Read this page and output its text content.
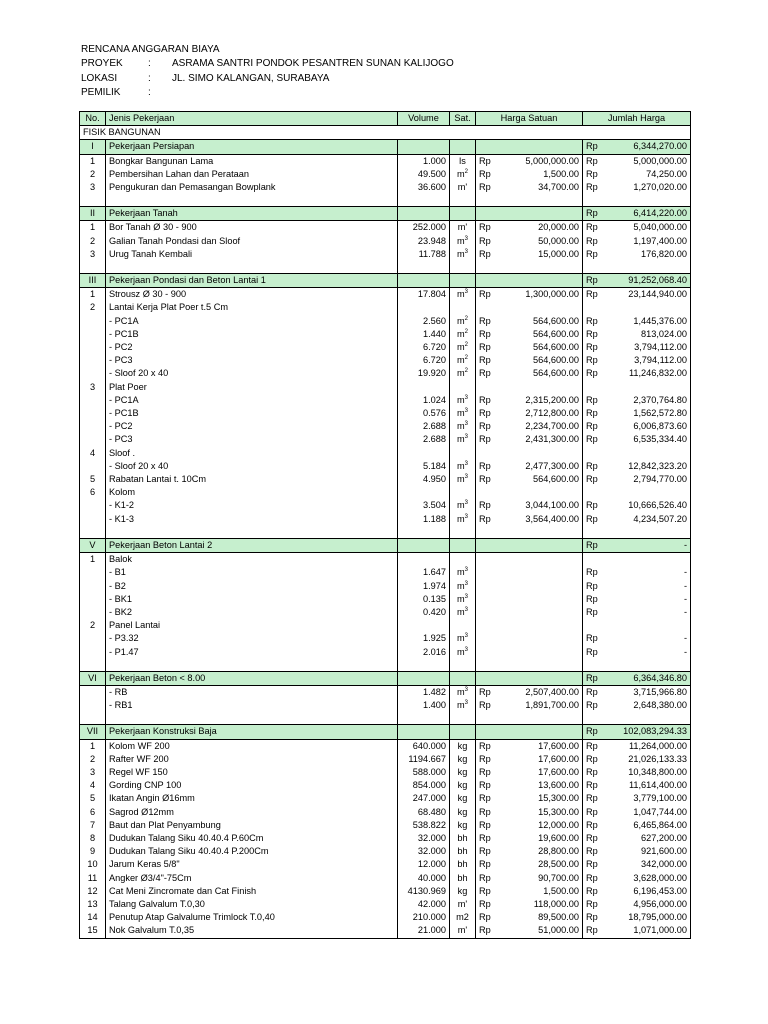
RENCANA ANGGARAN BIAYA
PROYEK	:	ASRAMA SANTRI PONDOK PESANTREN SUNAN KALIJOGO
LOKASI	:	JL. SIMO KALANGAN, SURABAYA
PEMILIK	:
No.	Jenis Pekerjaan	Volume	Sat.	Harga Satuan		Jumlah Harga	
FISIK BANGUNAN							
I	Pekerjaan Persiapan					Rp	6,344,270.00
1	Bongkar Bangunan Lama	1.000	ls	Rp	5,000,000.00	Rp	5,000,000.00
2	Pembersihan Lahan dan Perataan	49.500	$m^2$	Rp	1,500.00	Rp	74,250.00
3	Pengukuran dan Pemasangan Bowplank	36.600	m'	Rp	34,700.00	Rp	1,270,020.00

II	Pekerjaan Tanah					Rp	6,414,220.00
1	Bor Tanah Ø 30 - 900	252.000	m'	Rp	20,000.00	Rp	5,040,000.00
2	Galian Tanah Pondasi dan Sloof	23.948	$m^3$	Rp	50,000.00	Rp	1,197,400.00
3	Urug Tanah Kembali	11.788	$m^3$	Rp	15,000.00	Rp	176,820.00

III	Pekerjaan Pondasi dan Beton Lantai 1					Rp	91,252,068.40
1	Strousz Ø 30 - 900	17.804	$m^3$	Rp	1,300,000.00	Rp	23,144,940.00
2	Lantai Kerja Plat Poer t.5 Cm						
	- PC1A	2.560	$m^2$	Rp	564,600.00	Rp	1,445,376.00
	- PC1B	1.440	$m^2$	Rp	564,600.00	Rp	813,024.00
	- PC2	6.720	$m^2$	Rp	564,600.00	Rp	3,794,112.00
	- PC3	6.720	$m^2$	Rp	564,600.00	Rp	3,794,112.00
	- Sloof 20 x 40	19.920	$m^2$	Rp	564,600.00	Rp	11,246,832.00
3	Plat Poer						
	- PC1A	1.024	$m^3$	Rp	2,315,200.00	Rp	2,370,764.80
	- PC1B	0.576	$m^3$	Rp	2,712,800.00	Rp	1,562,572.80
	- PC2	2.688	$m^3$	Rp	2,234,700.00	Rp	6,006,873.60
	- PC3	2.688	$m^3$	Rp	2,431,300.00	Rp	6,535,334.40
4	Sloof .						
	- Sloof 20 x 40	5.184	$m^3$	Rp	2,477,300.00	Rp	12,842,323.20
5	Rabatan Lantai t. 10Cm	4.950	$m^3$	Rp	564,600.00	Rp	2,794,770.00
6	Kolom						
	- K1-2	3.504	$m^3$	Rp	3,044,100.00	Rp	10,666,526.40
	- K1-3	1.188	$m^3$	Rp	3,564,400.00	Rp	4,234,507.20

V	Pekerjaan Beton Lantai 2					Rp	-
1	Balok						
	- B1	1.647	$m^3$			Rp	-
	- B2	1.974	$m^3$			Rp	-
	- BK1	0.135	$m^3$			Rp	-
	- BK2	0.420	$m^3$			Rp	-
2	Panel Lantai						
	- P3.32	1.925	$m^3$			Rp	-
	- P1.47	2.016	$m^3$			Rp	-

VI	Pekerjaan Beton < 8.00					Rp	6,364,346.80
	- RB	1.482	$m^3$	Rp	2,507,400.00	Rp	3,715,966.80
	- RB1	1.400	$m^3$	Rp	1,891,700.00	Rp	2,648,380.00

VII	Pekerjaan Konstruksi Baja					Rp	102,083,294.33
1	Kolom WF 200	640.000	kg	Rp	17,600.00	Rp	11,264,000.00
2	Rafter WF 200	1194.667	kg	Rp	17,600.00	Rp	21,026,133.33
3	Regel WF 150	588.000	kg	Rp	17,600.00	Rp	10,348,800.00
4	Gording CNP 100	854.000	kg	Rp	13,600.00	Rp	11,614,400.00
5	Ikatan Angin Ø16mm	247.000	kg	Rp	15,300.00	Rp	3,779,100.00
6	Sagrod Ø12mm	68.480	kg	Rp	15,300.00	Rp	1,047,744.00
7	Baut dan Plat Penyambung	538.822	kg	Rp	12,000.00	Rp	6,465,864.00
8	Dudukan Talang Siku 40.40.4 P.60Cm	32.000	bh	Rp	19,600.00	Rp	627,200.00
9	Dudukan Talang Siku 40.40.4 P.200Cm	32.000	bh	Rp	28,800.00	Rp	921,600.00
10	Jarum Keras 5/8"	12.000	bh	Rp	28,500.00	Rp	342,000.00
11	Angker Ø3/4"-75Cm	40.000	bh	Rp	90,700.00	Rp	3,628,000.00
12	Cat Meni Zincromate dan Cat Finish	4130.969	kg	Rp	1,500.00	Rp	6,196,453.00
13	Talang Galvalum T.0,30	42.000	m'	Rp	118,000.00	Rp	4,956,000.00
14	Penutup Atap Galvalume Trimlock T.0,40	210.000	m2	Rp	89,500.00	Rp	18,795,000.00
15	Nok Galvalum T.0,35	21.000	m'	Rp	51,000.00	Rp	1,071,000.00
